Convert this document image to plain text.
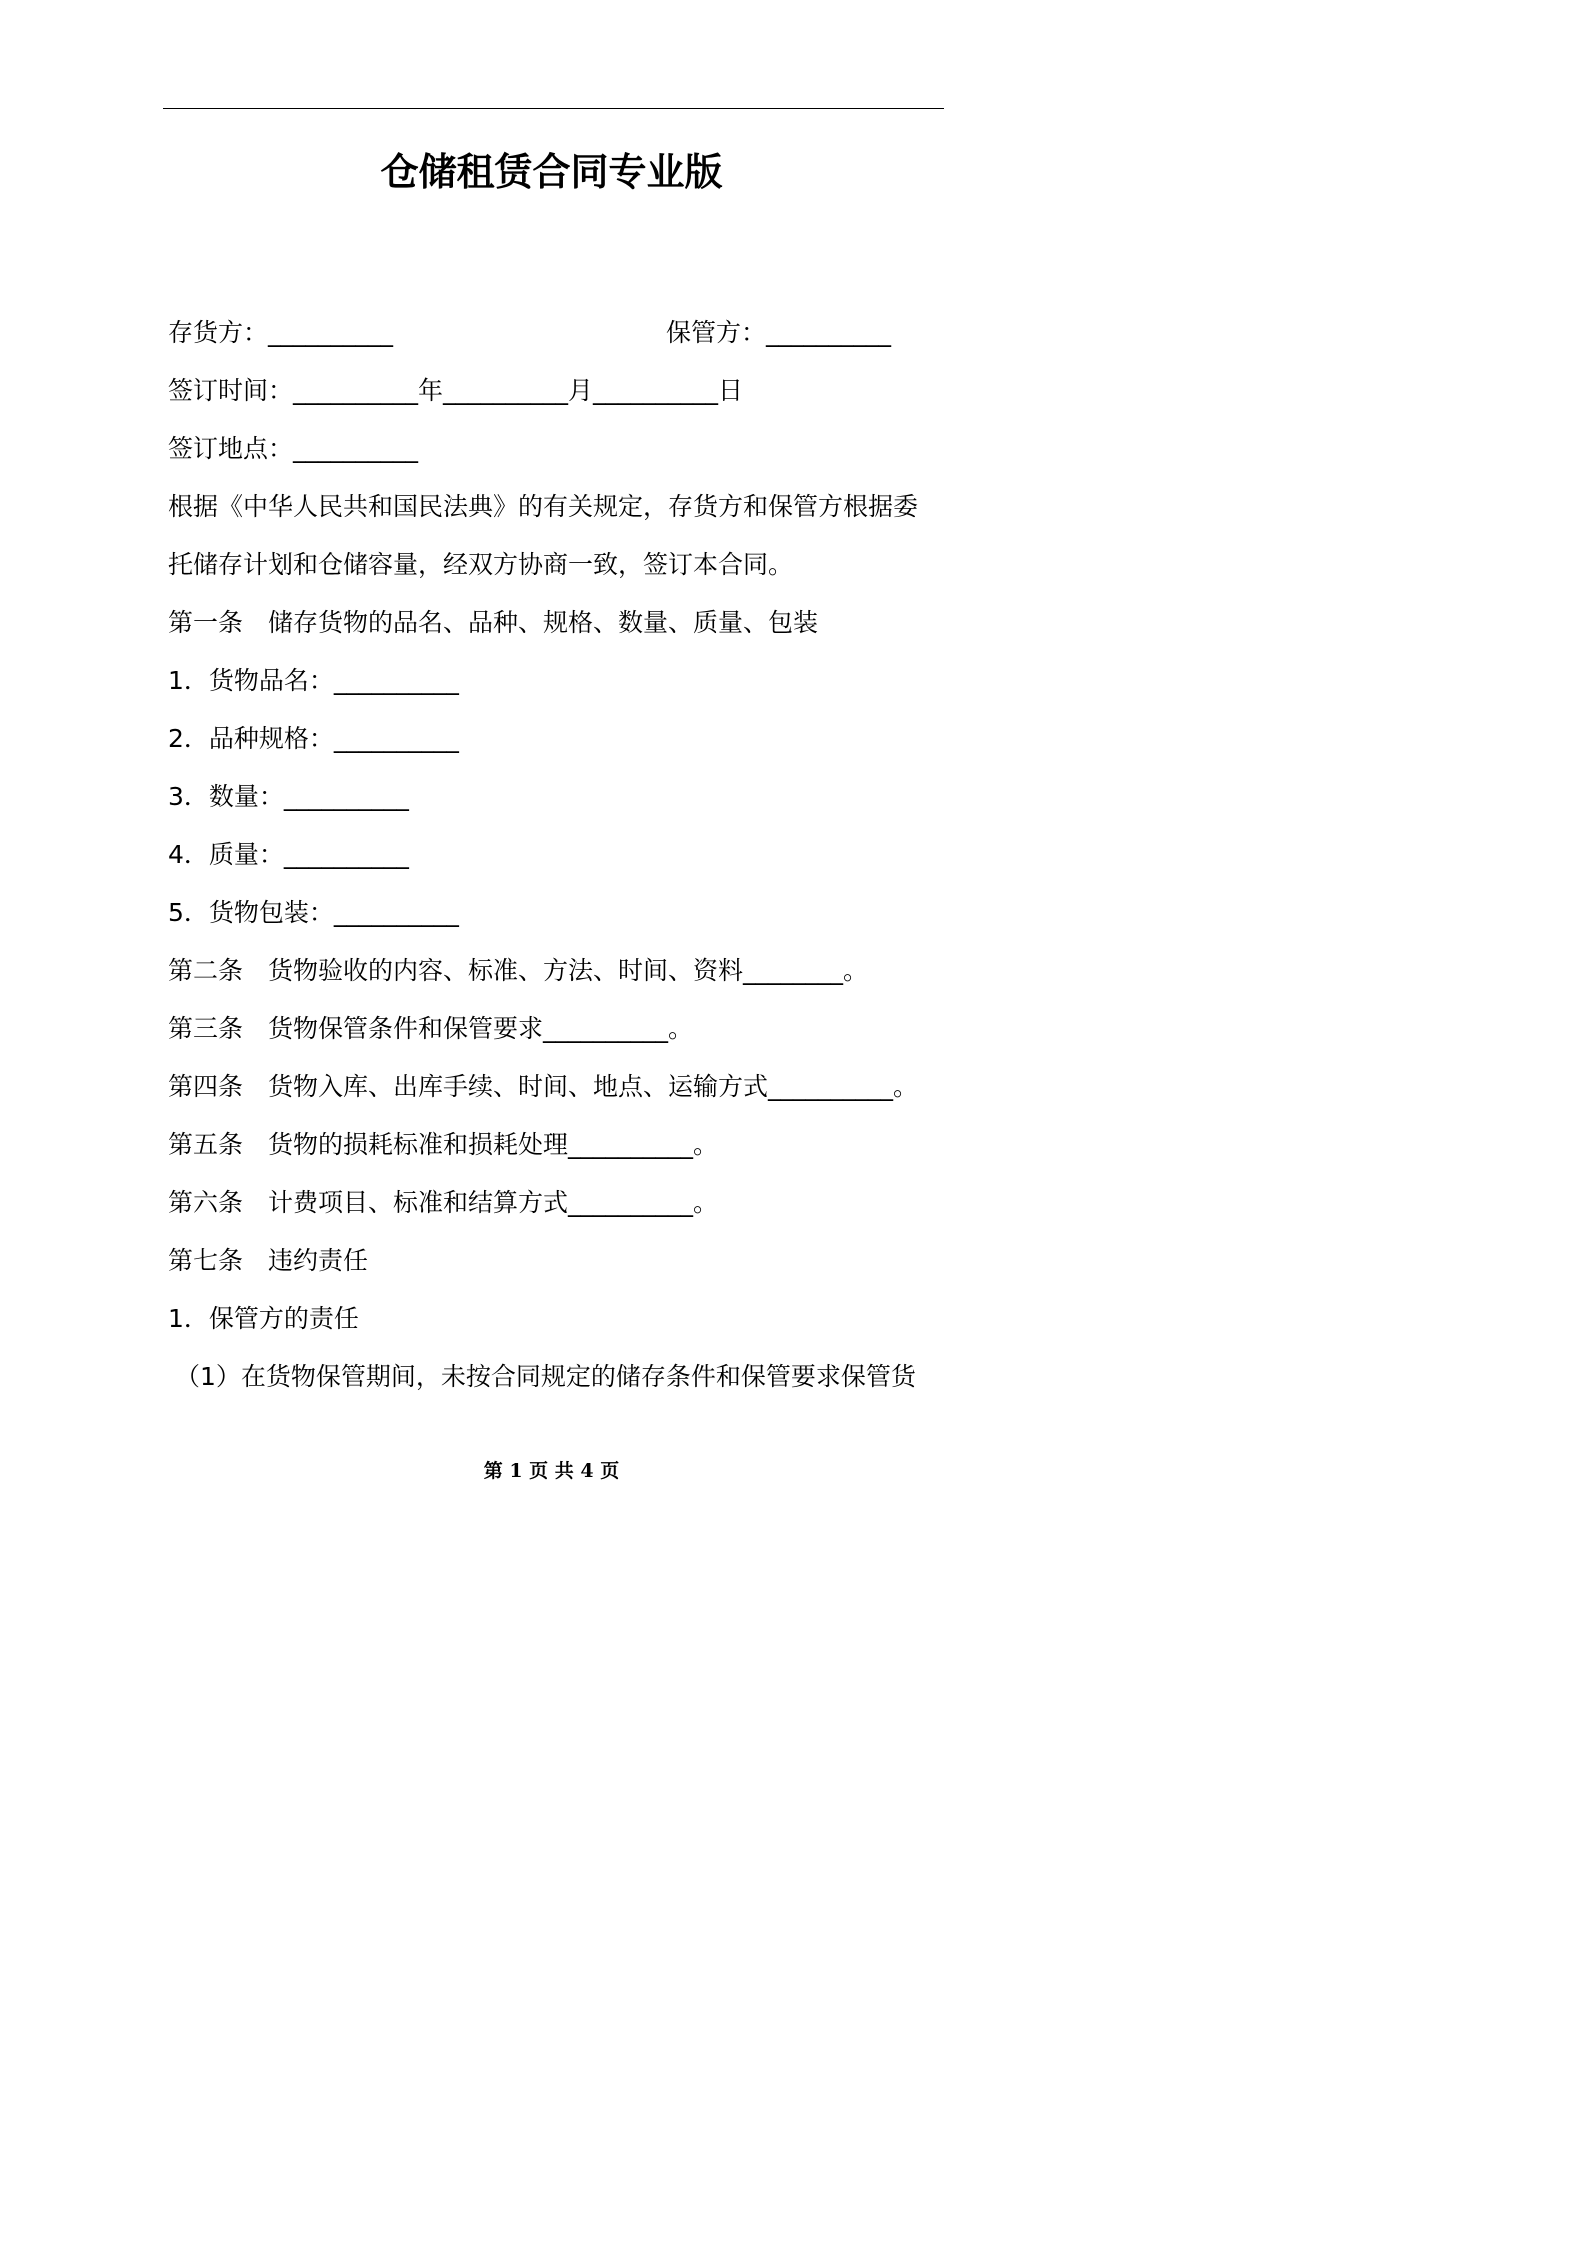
仓储租赁合同专业版

存货方：__________	保管方：__________

签订时间：__________年__________月__________日

签订地点：__________

根据《中华人民共和国民法典》的有关规定，存货方和保管方根据委

托储存计划和仓储容量，经双方协商一致，签订本合同。

第一条　储存货物的品名、品种、规格、数量、质量、包装

1．货物品名：__________

2．品种规格：__________

3．数量：__________

4．质量：__________

5．货物包装：__________

第二条　货物验收的内容、标准、方法、时间、资料________。

第三条　货物保管条件和保管要求__________。

第四条　货物入库、出库手续、时间、地点、运输方式__________。

第五条　货物的损耗标准和损耗处理__________。

第六条　计费项目、标准和结算方式__________。

第七条　违约责任

1．保管方的责任

（1）在货物保管期间，未按合同规定的储存条件和保管要求保管货

第 1 页 共 4 页
